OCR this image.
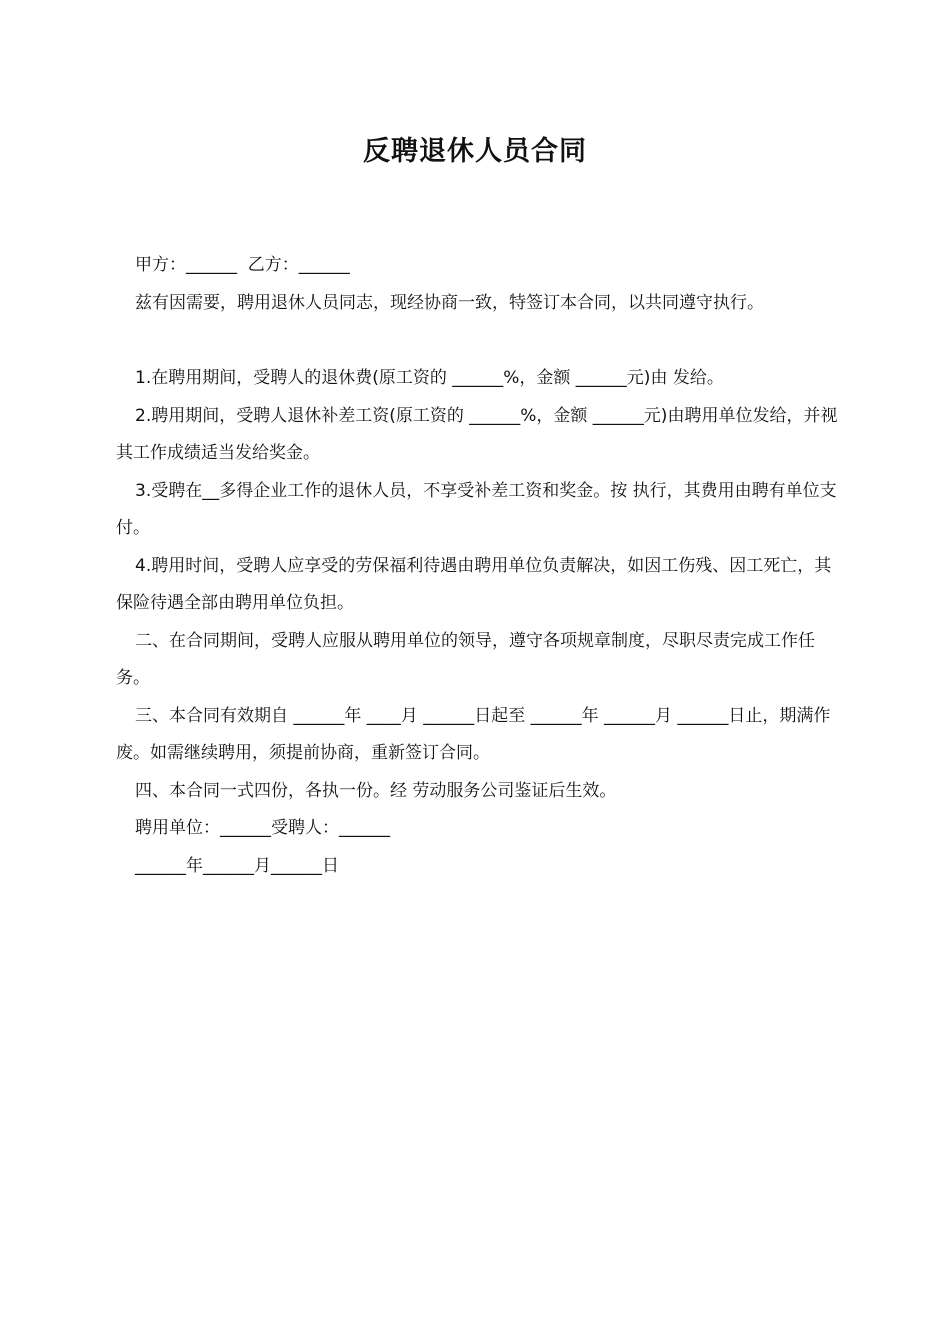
反聘退休人员合同

甲方：______  乙方：______

兹有因需要，聘用退休人员同志，现经协商一致，特签订本合同，以共同遵守执行。

1.在聘用期间，受聘人的退休费(原工资的 ______%，金额 ______元)由 发给。

2.聘用期间，受聘人退休补差工资(原工资的 ______%，金额 ______元)由聘用单位发给，并视其工作成绩适当发给奖金。

3.受聘在__多得企业工作的退休人员，不享受补差工资和奖金。按 执行，其费用由聘有单位支付。

4.聘用时间，受聘人应享受的劳保福利待遇由聘用单位负责解决，如因工伤残、因工死亡，其保险待遇全部由聘用单位负担。

二、在合同期间，受聘人应服从聘用单位的领导，遵守各项规章制度，尽职尽责完成工作任务。

三、本合同有效期自 ______年 ____月 ______日起至 ______年 ______月 ______日止，期满作废。如需继续聘用，须提前协商，重新签订合同。

四、本合同一式四份，各执一份。经 劳动服务公司鉴证后生效。

聘用单位：______受聘人：______

______年______月______日
